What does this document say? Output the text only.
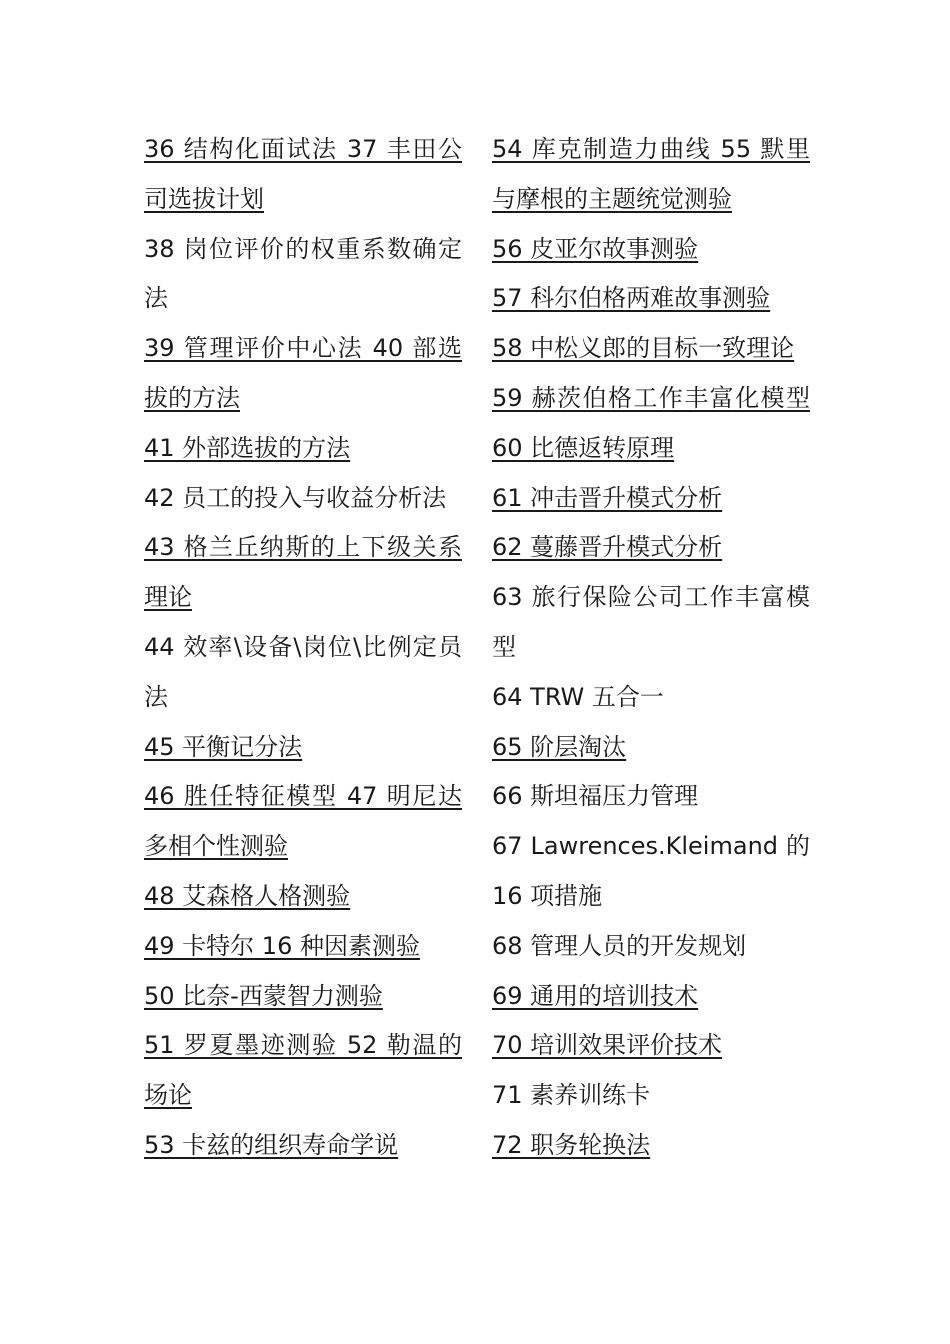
36 结构化面试法 37 丰田公司选拔计划
38 岗位评价的权重系数确定法
39 管理评价中心法 40 部选拔的方法
41 外部选拔的方法
42 员工的投入与收益分析法
43 格兰丘纳斯的上下级关系理论
44 效率\设备\岗位\比例定员法
45 平衡记分法
46 胜任特征模型 47 明尼达多相个性测验
48 艾森格人格测验
49 卡特尔 16 种因素测验
50 比奈-西蒙智力测验
51 罗夏墨迹测验 52 勒温的场论
53 卡兹的组织寿命学说
54 库克制造力曲线 55 默里与摩根的主题统觉测验
56 皮亚尔故事测验
57 科尔伯格两难故事测验
58 中松义郎的目标一致理论
59 赫茨伯格工作丰富化模型 60 比德返转原理
61 冲击晋升模式分析
62 蔓藤晋升模式分析
63 旅行保险公司工作丰富模型
64 TRW 五合一
65 阶层淘汰
66 斯坦福压力管理
67 Lawrences.Kleimand 的 16 项措施
68 管理人员的开发规划
69 通用的培训技术
70 培训效果评价技术
71 素养训练卡
72 职务轮换法
